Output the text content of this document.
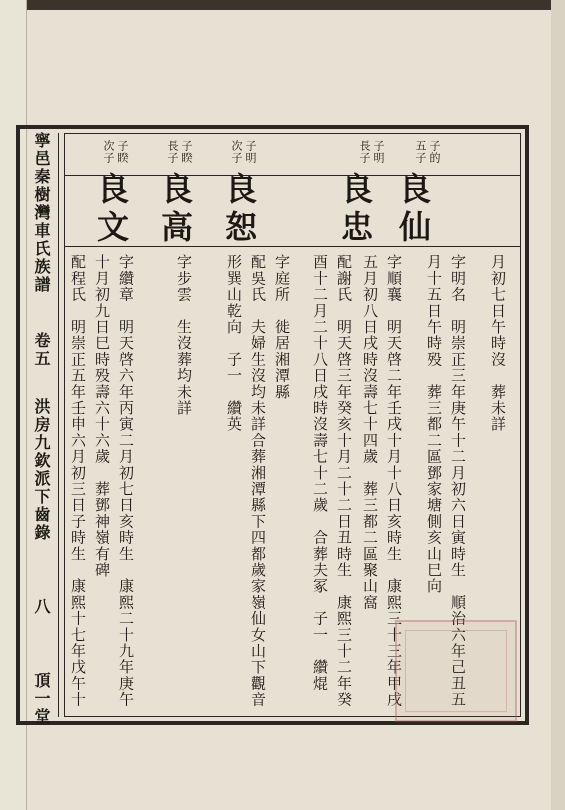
寧邑秦樹灣車氏族譜
卷五
洪房九欽派下齒錄
八
頂一堂
子的
五子
子明
長子
子明
次子
子睽
長子
子睽
次子
良仙
良忠
良恕
良高
良文
月初七日午時沒　葬未詳
字明名　明崇正三年庚午十二月初六日寅時生　順治六年己丑五
月十五日午時殁　葬三都二區鄧家塘側亥山巳向
字順襄　明天啓二年壬戌十月十八日亥時生　康熙三十三年甲戌
五月初八日戌時沒壽七十四歲　葬三都二區聚山窩
配謝氏　明天啓三年癸亥十月二十二日丑時生　康熙三十二年癸
酉十二月二十八日戌時沒壽七十二歲　合葬夫冢　子一　纘焜
字庭所　徙居湘潭縣
配吳氏　夫婦生沒均未詳合葬湘潭縣下四都歲家嶺仙女山下觀音
形巽山乾向　子一　纘英
字步雲　生沒葬均未詳
字纘章　明天啓六年丙寅二月初七日亥時生　康熙二十九年庚午
十月初九日巳時殁壽六十六歲　葬鄧神嶺有碑
配程氏　明崇正五年壬申六月初三日子時生　康熙十七年戊午十
